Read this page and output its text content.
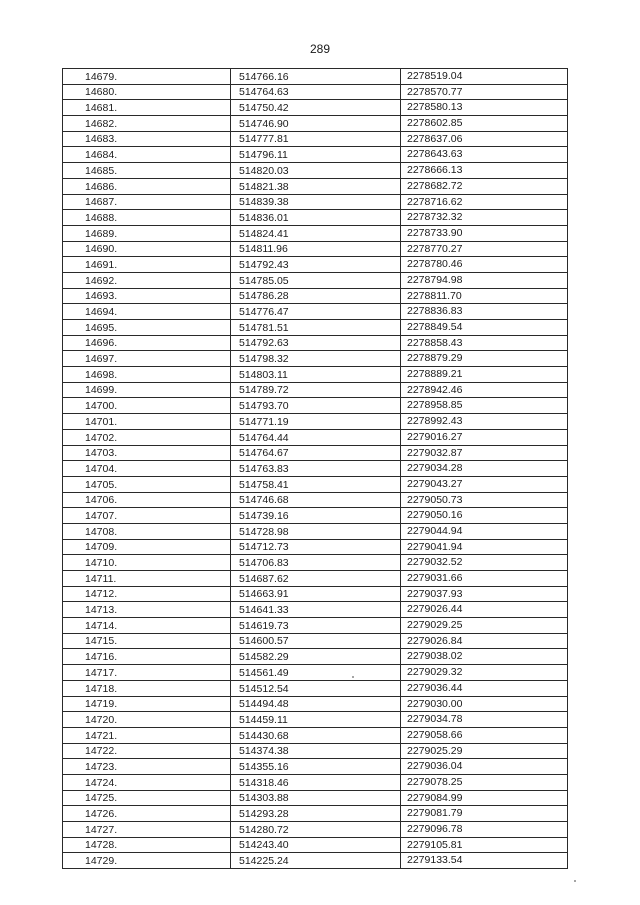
289
14679.	514766.16	2278519.04
14680.	514764.63	2278570.77
14681.	514750.42	2278580.13
14682.	514746.90	2278602.85
14683.	514777.81	2278637.06
14684.	514796.11	2278643.63
14685.	514820.03	2278666.13
14686.	514821.38	2278682.72
14687.	514839.38	2278716.62
14688.	514836.01	2278732.32
14689.	514824.41	2278733.90
14690.	514811.96	2278770.27
14691.	514792.43	2278780.46
14692.	514785.05	2278794.98
14693.	514786.28	2278811.70
14694.	514776.47	2278836.83
14695.	514781.51	2278849.54
14696.	514792.63	2278858.43
14697.	514798.32	2278879.29
14698.	514803.11	2278889.21
14699.	514789.72	2278942.46
14700.	514793.70	2278958.85
14701.	514771.19	2278992.43
14702.	514764.44	2279016.27
14703.	514764.67	2279032.87
14704.	514763.83	2279034.28
14705.	514758.41	2279043.27
14706.	514746.68	2279050.73
14707.	514739.16	2279050.16
14708.	514728.98	2279044.94
14709.	514712.73	2279041.94
14710.	514706.83	2279032.52
14711.	514687.62	2279031.66
14712.	514663.91	2279037.93
14713.	514641.33	2279026.44
14714.	514619.73	2279029.25
14715.	514600.57	2279026.84
14716.	514582.29	2279038.02
14717.	514561.49	2279029.32
14718.	514512.54	2279036.44
14719.	514494.48	2279030.00
14720.	514459.11	2279034.78
14721.	514430.68	2279058.66
14722.	514374.38	2279025.29
14723.	514355.16	2279036.04
14724.	514318.46	2279078.25
14725.	514303.88	2279084.99
14726.	514293.28	2279081.79
14727.	514280.72	2279096.78
14728.	514243.40	2279105.81
14729.	514225.24	2279133.54
